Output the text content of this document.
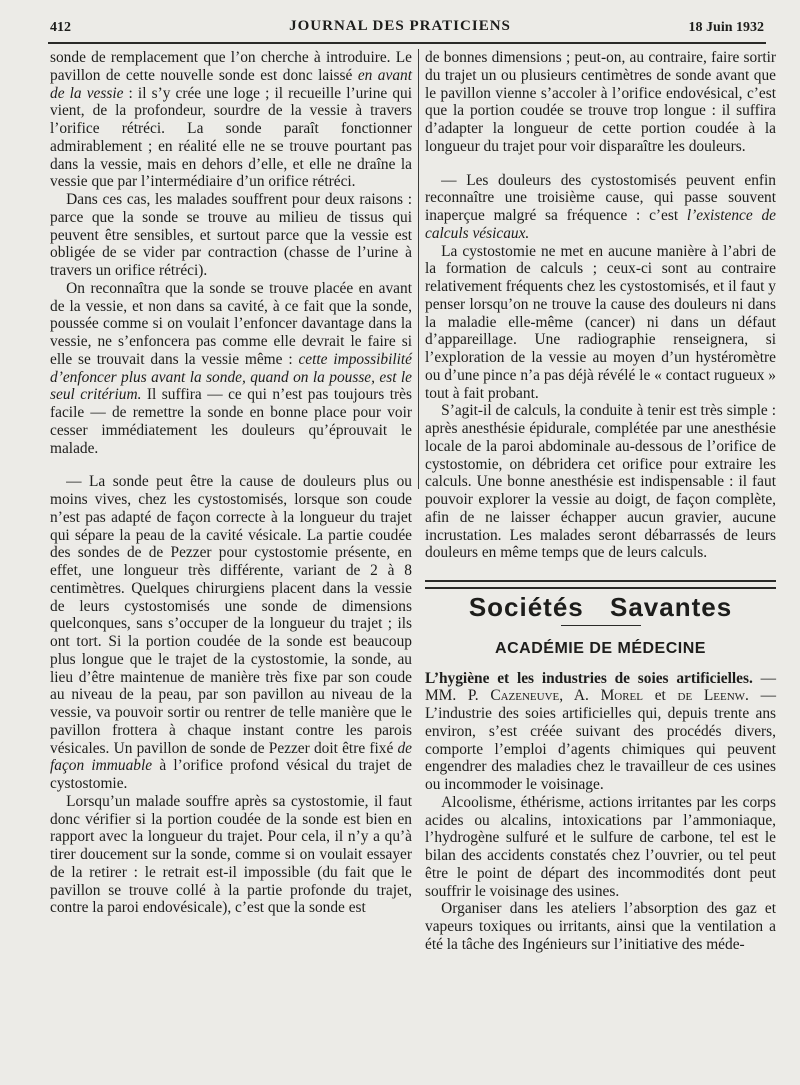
412	JOURNAL DES PRATICIENS	18 Juin 1932

sonde de remplacement que l’on cherche à introduire. Le pavillon de cette nouvelle sonde est donc laissé en avant de la vessie : il s’y crée une loge ; il recueille l’urine qui vient, de la profondeur, sourdre de la vessie à travers l’orifice rétréci. La sonde paraît fonctionner admirablement ; en réalité elle ne se trouve pourtant pas dans la vessie, mais en dehors d’elle, et elle ne draîne la vessie que par l’intermédiaire d’un orifice rétréci.

Dans ces cas, les malades souffrent pour deux raisons : parce que la sonde se trouve au milieu de tissus qui peuvent être sensibles, et surtout parce que la vessie est obligée de se vider par contraction (chasse de l’urine à travers un orifice rétréci).

On reconnaîtra que la sonde se trouve placée en avant de la vessie, et non dans sa cavité, à ce fait que la sonde, poussée comme si on voulait l’enfoncer davantage dans la vessie, ne s’enfoncera pas comme elle devrait le faire si elle se trouvait dans la vessie même : cette impossibilité d’enfoncer plus avant la sonde, quand on la pousse, est le seul critérium. Il suffira — ce qui n’est pas toujours très facile — de remettre la sonde en bonne place pour voir cesser immédiatement les douleurs qu’éprouvait le malade.

— La sonde peut être la cause de douleurs plus ou moins vives, chez les cystostomisés, lorsque son coude n’est pas adapté de façon correcte à la longueur du trajet qui sépare la peau de la cavité vésicale. La partie coudée des sondes de de Pezzer pour cystostomie présente, en effet, une longueur très différente, variant de 2 à 8 centimètres. Quelques chirurgiens placent dans la vessie de leurs cystostomisés une sonde de dimensions quelconques, sans s’occuper de la longueur du trajet ; ils ont tort. Si la portion coudée de la sonde est beaucoup plus longue que le trajet de la cystostomie, la sonde, au lieu d’être maintenue de manière très fixe par son coude au niveau de la peau, par son pavillon au niveau de la vessie, va pouvoir sortir ou rentrer de telle manière que le pavillon frottera à chaque instant contre les parois vésicales. Un pavillon de sonde de Pezzer doit être fixé de façon immuable à l’orifice profond vésical du trajet de cystostomie.

Lorsqu’un malade souffre après sa cystostomie, il faut donc vérifier si la portion coudée de la sonde est bien en rapport avec la longueur du trajet. Pour cela, il n’y a qu’à tirer doucement sur la sonde, comme si on voulait essayer de la retirer : le retrait est-il impossible (du fait que le pavillon se trouve collé à la partie profonde du trajet, contre la paroi endovésicale), c’est que la sonde est

de bonnes dimensions ; peut-on, au contraire, faire sortir du trajet un ou plusieurs centimètres de sonde avant que le pavillon vienne s’accoler à l’orifice endovésical, c’est que la portion coudée se trouve trop longue : il suffira d’adapter la longueur de cette portion coudée à la longueur du trajet pour voir disparaître les douleurs.

— Les douleurs des cystostomisés peuvent enfin reconnaître une troisième cause, qui passe souvent inaperçue malgré sa fréquence : c’est l’existence de calculs vésicaux.

La cystostomie ne met en aucune manière à l’abri de la formation de calculs ; ceux-ci sont au contraire relativement fréquents chez les cystostomisés, et il faut y penser lorsqu’on ne trouve la cause des douleurs ni dans la maladie elle-même (cancer) ni dans un défaut d’appareillage. Une radiographie renseignera, si l’exploration de la vessie au moyen d’un hystéromètre ou d’une pince n’a pas déjà révélé le « contact rugueux » tout à fait probant.

S’agit-il de calculs, la conduite à tenir est très simple : après anesthésie épidurale, complétée par une anesthésie locale de la paroi abdominale au-dessous de l’orifice de cystostomie, on débridera cet orifice pour extraire les calculs. Une bonne anesthésie est indispensable : il faut pouvoir explorer la vessie au doigt, de façon complète, afin de ne laisser échapper aucun gravier, aucune incrustation. Les malades seront débarrassés de leurs douleurs en même temps que de leurs calculs.

Sociétés Savantes
ACADÉMIE DE MÉDECINE

L’hygiène et les industries de soies artificielles. — MM. P. Cazeneuve, A. Morel et de Leenw. — L’industrie des soies artificielles qui, depuis trente ans environ, s’est créée suivant des procédés divers, comporte l’emploi d’agents chimiques qui peuvent engendrer des maladies chez le travailleur de ces usines ou incommoder le voisinage.

Alcoolisme, éthérisme, actions irritantes par les corps acides ou alcalins, intoxications par l’ammoniaque, l’hydrogène sulfuré et le sulfure de carbone, tel est le bilan des accidents constatés chez l’ouvrier, ou tel peut être le point de départ des incommodités dont peut souffrir le voisinage des usines.

Organiser dans les ateliers l’absorption des gaz et vapeurs toxiques ou irritants, ainsi que la ventilation a été la tâche des Ingénieurs sur l’initiative des méde-
